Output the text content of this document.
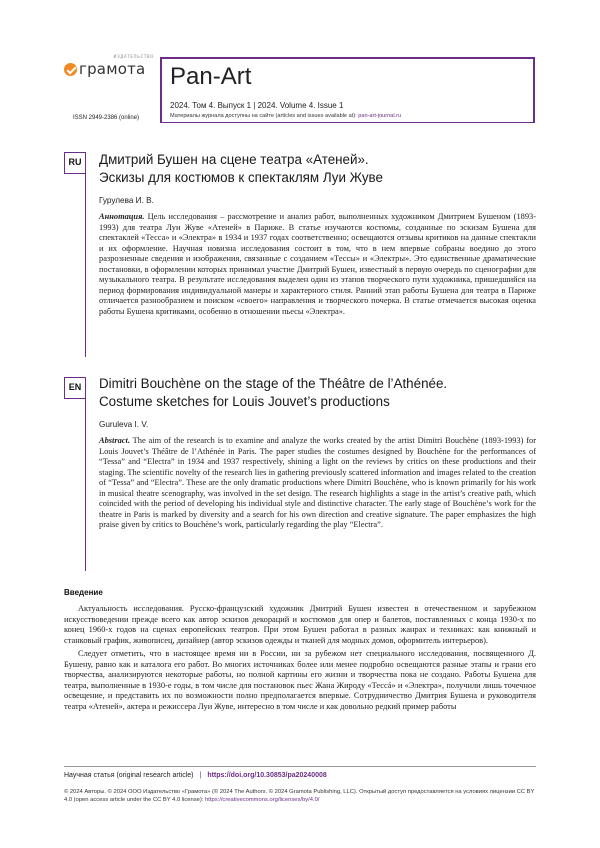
ИЗДАТЕЛЬСТВО
грамота
ISSN 2949-2386 (online)
Pan-Art
2024. Том 4. Выпуск 1 | 2024. Volume 4. Issue 1
Материалы журнала доступны на сайте (articles and issues available at): pan-art-journal.ru
RU	Дмитрий Бушен на сцене театра «Атеней».
Эскизы для костюмов к спектаклям Луи Жуве
Гурулева И. В.
Аннотация. Цель исследования – рассмотрение и анализ работ, выполненных художником Дмитрием Бушеном (1893-1993) для театра Луи Жуве «Атеней» в Париже. В статье изучаются костюмы, созданные по эскизам Бушена для спектаклей «Тесса» и «Электра» в 1934 и 1937 годах соответственно; освещаются отзывы критиков на данные спектакли и их оформление. Научная новизна исследования состоит в том, что в нем впервые собраны воедино до этого разрозненные сведения и изображения, связанные с созданием «Тессы» и «Электры». Это единственные драматические постановки, в оформлении которых принимал участие Дмитрий Бушен, известный в первую очередь по сценографии для музыкального театра. В результате исследования выделен один из этапов творческого пути художника, пришедшийся на период формирования индивидуальной манеры и характерного стиля. Ранний этап работы Бушена для театра в Париже отличается разнообразием и поиском «своего» направления и творческого почерка. В статье отмечается высокая оценка работы Бушена критиками, особенно в отношении пьесы «Электра».
EN	Dimitri Bouchène on the stage of the Théâtre de l’Athénée.
Costume sketches for Louis Jouvet’s productions
Guruleva I. V.
Abstract. The aim of the research is to examine and analyze the works created by the artist Dimitri Bouchène (1893-1993) for Louis Jouvet’s Théâtre de l’Athénée in Paris. The paper studies the costumes designed by Bouchène for the performances of “Tessa” and “Electra” in 1934 and 1937 respectively, shining a light on the reviews by critics on these productions and their staging. The scientific novelty of the research lies in gathering previously scattered information and images related to the creation of “Tessa” and “Electra”. These are the only dramatic productions where Dimitri Bouchène, who is known primarily for his work in musical theatre scenography, was involved in the set design. The research highlights a stage in the artist’s creative path, which coincided with the period of developing his individual style and distinctive character. The early stage of Bouchène’s work for the theatre in Paris is marked by diversity and a search for his own direction and creative signature. The paper emphasizes the high praise given by critics to Bouchène’s work, particularly regarding the play “Electra”.
Введение

Актуальность исследования. Русско-французский художник Дмитрий Бушен известен в отечественном и зарубежном искусствоведении прежде всего как автор эскизов декораций и костюмов для опер и балетов, поставленных с конца 1930-х по конец 1960-х годов на сценах европейских театров. При этом Бушен работал в разных жанрах и техниках: как книжный и станковый график, живописец, дизайнер (автор эскизов одежды и тканей для модных домов, оформитель интерьеров).

Следует отметить, что в настоящее время ни в России, ни за рубежом нет специального исследования, посвященного Д. Бушену, равно как и каталога его работ. Во многих источниках более или менее подробно освещаются разные этапы и грани его творчества, анализируются некоторые работы, но полной картины его жизни и творчества пока не создано. Работы Бушена для театра, выполненные в 1930-е годы, в том числе для постановок пьес Жана Жироду «Тессá» и «Электра», получили лишь точечное освещение, и представить их по возможности полно предполагается впервые. Сотрудничество Дмитрия Бушена и руководителя театра «Атеней», актера и режиссера Луи Жуве, интересно в том числе и как довольно редкий пример работы

Научная статья (original research article) | https://doi.org/10.30853/pa20240008
© 2024 Авторы. © 2024 ООО Издательство «Грамота» (© 2024 The Authors. © 2024 Gramota Publishing, LLC). Открытый доступ предоставляется на условиях лицензии CC BY 4.0 (open access article under the CC BY 4.0 license): https://creativecommons.org/licenses/by/4.0/
